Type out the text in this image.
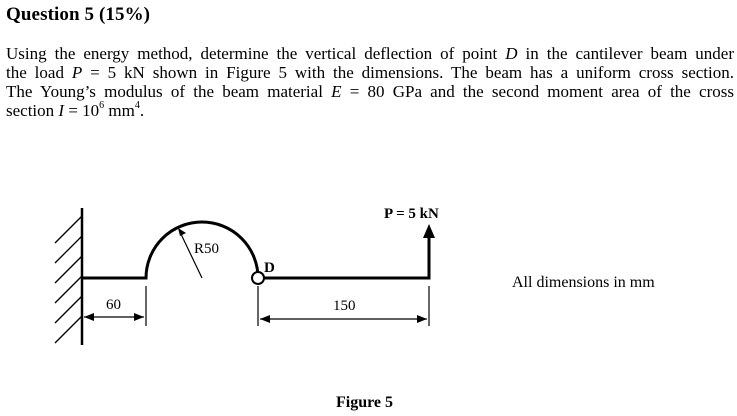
Question 5 (15%)
Using the energy method, determine the vertical deflection of point D in the cantilever beam under
the load P = 5 kN shown in Figure 5 with the dimensions. The beam has a uniform cross section.
The Young’s modulus of the beam material E = 80 GPa and the second moment area of the cross
section $I = 10^6$ $mm^4$.
P = 5 kN
R50
D
60	150
All dimensions in mm
Figure 5
